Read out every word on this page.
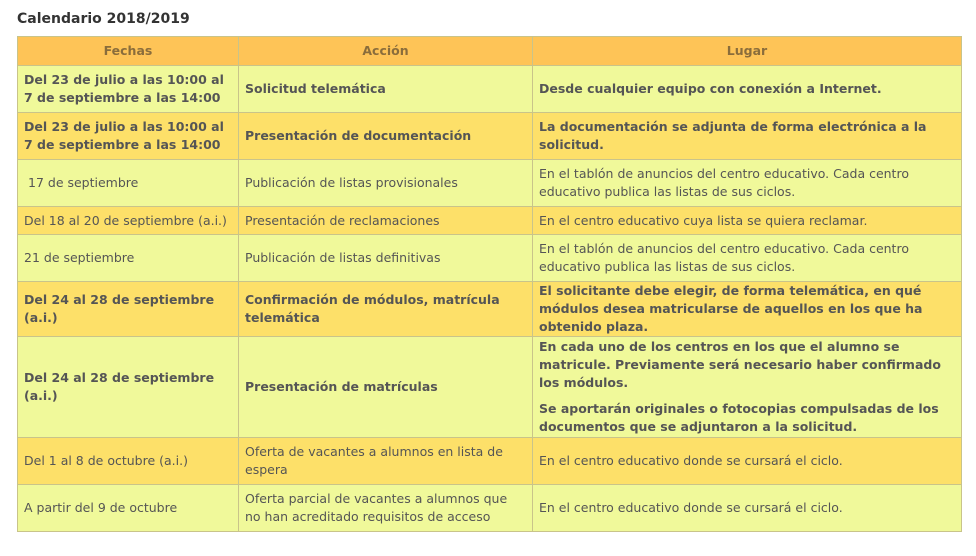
Calendario 2018/2019
Fechas	Acción	Lugar
Del 23 de julio a las 10:00 al 7 de septiembre a las 14:00	Solicitud telemática	Desde cualquier equipo con conexión a Internet.

Del 23 de julio a las 10:00 al 7 de septiembre a las 14:00	Presentación de documentación	La documentación se adjunta de forma electrónica a la solicitud.

17 de septiembre	Publicación de listas provisionales	En el tablón de anuncios del centro educativo. Cada centro educativo publica las listas de sus ciclos.

Del 18 al 20 de septiembre (a.i.)	Presentación de reclamaciones	En el centro educativo cuya lista se quiera reclamar.

21 de septiembre	Publicación de listas definitivas	En el tablón de anuncios del centro educativo. Cada centro educativo publica las listas de sus ciclos.

Del 24 al 28 de septiembre (a.i.)	Confirmación de módulos, matrícula telemática	El solicitante debe elegir, de forma telemática, en qué módulos desea matricularse de aquellos en los que ha obtenido plaza.

Del 24 al 28 de septiembre (a.i.)	Presentación de matrículas	En cada uno de los centros en los que el alumno se matricule. Previamente será necesario haber confirmado los módulos.
Se aportarán originales o fotocopias compulsadas de los documentos que se adjuntaron a la solicitud.

Del 1 al 8 de octubre (a.i.)	Oferta de vacantes a alumnos en lista de espera	En el centro educativo donde se cursará el ciclo.

A partir del 9 de octubre	Oferta parcial de vacantes a alumnos que no han acreditado requisitos de acceso	En el centro educativo donde se cursará el ciclo.
